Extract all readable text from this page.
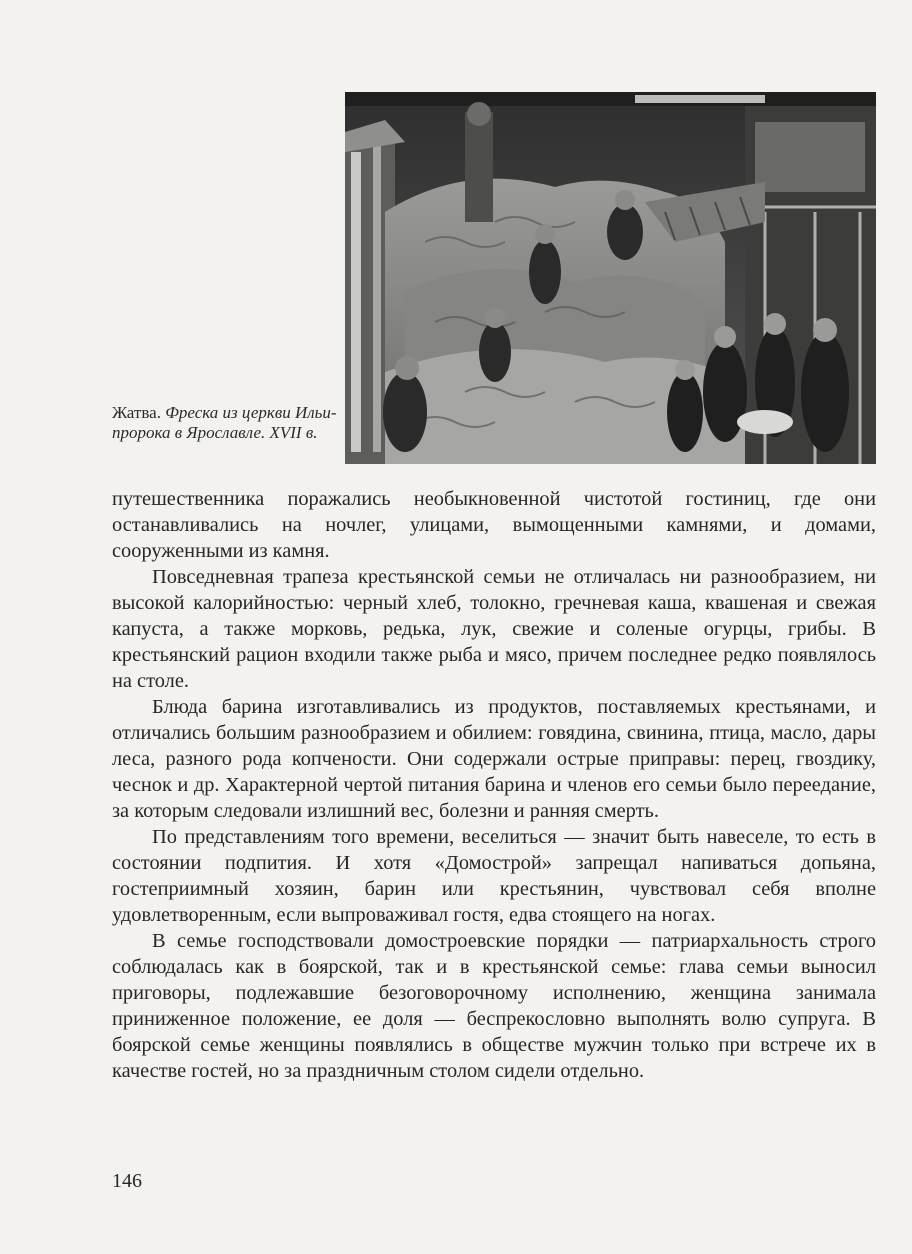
Жатва. Фреска из церкви Ильи-пророка в Ярославле. XVII в.

путешественника поражались необыкновенной чистотой гостиниц, где они останавливались на ночлег, улицами, вымощенными камнями, и домами, сооруженными из камня.

Повседневная трапеза крестьянской семьи не отличалась ни разнообразием, ни высокой калорийностью: черный хлеб, толокно, гречневая каша, квашеная и свежая капуста, а также морковь, редька, лук, свежие и соленые огурцы, грибы. В крестьянский рацион входили также рыба и мясо, причем последнее редко появлялось на столе.

Блюда барина изготавливались из продуктов, поставляемых крестьянами, и отличались большим разнообразием и обилием: говядина, свинина, птица, масло, дары леса, разного рода копчености. Они содержали острые приправы: перец, гвоздику, чеснок и др. Характерной чертой питания барина и членов его семьи было переедание, за которым следовали излишний вес, болезни и ранняя смерть.

По представлениям того времени, веселиться — значит быть навеселе, то есть в состоянии подпития. И хотя «Домострой» запрещал напиваться допьяна, гостеприимный хозяин, барин или крестьянин, чувствовал себя вполне удовлетворенным, если выпроваживал гостя, едва стоящего на ногах.

В семье господствовали домостроевские порядки — патриархальность строго соблюдалась как в боярской, так и в крестьянской семье: глава семьи выносил приговоры, подлежавшие безоговорочному исполнению, женщина занимала приниженное положение, ее доля — беспрекословно выполнять волю супруга. В боярской семье женщины появлялись в обществе мужчин только при встрече их в качестве гостей, но за праздничным столом сидели отдельно.

146
